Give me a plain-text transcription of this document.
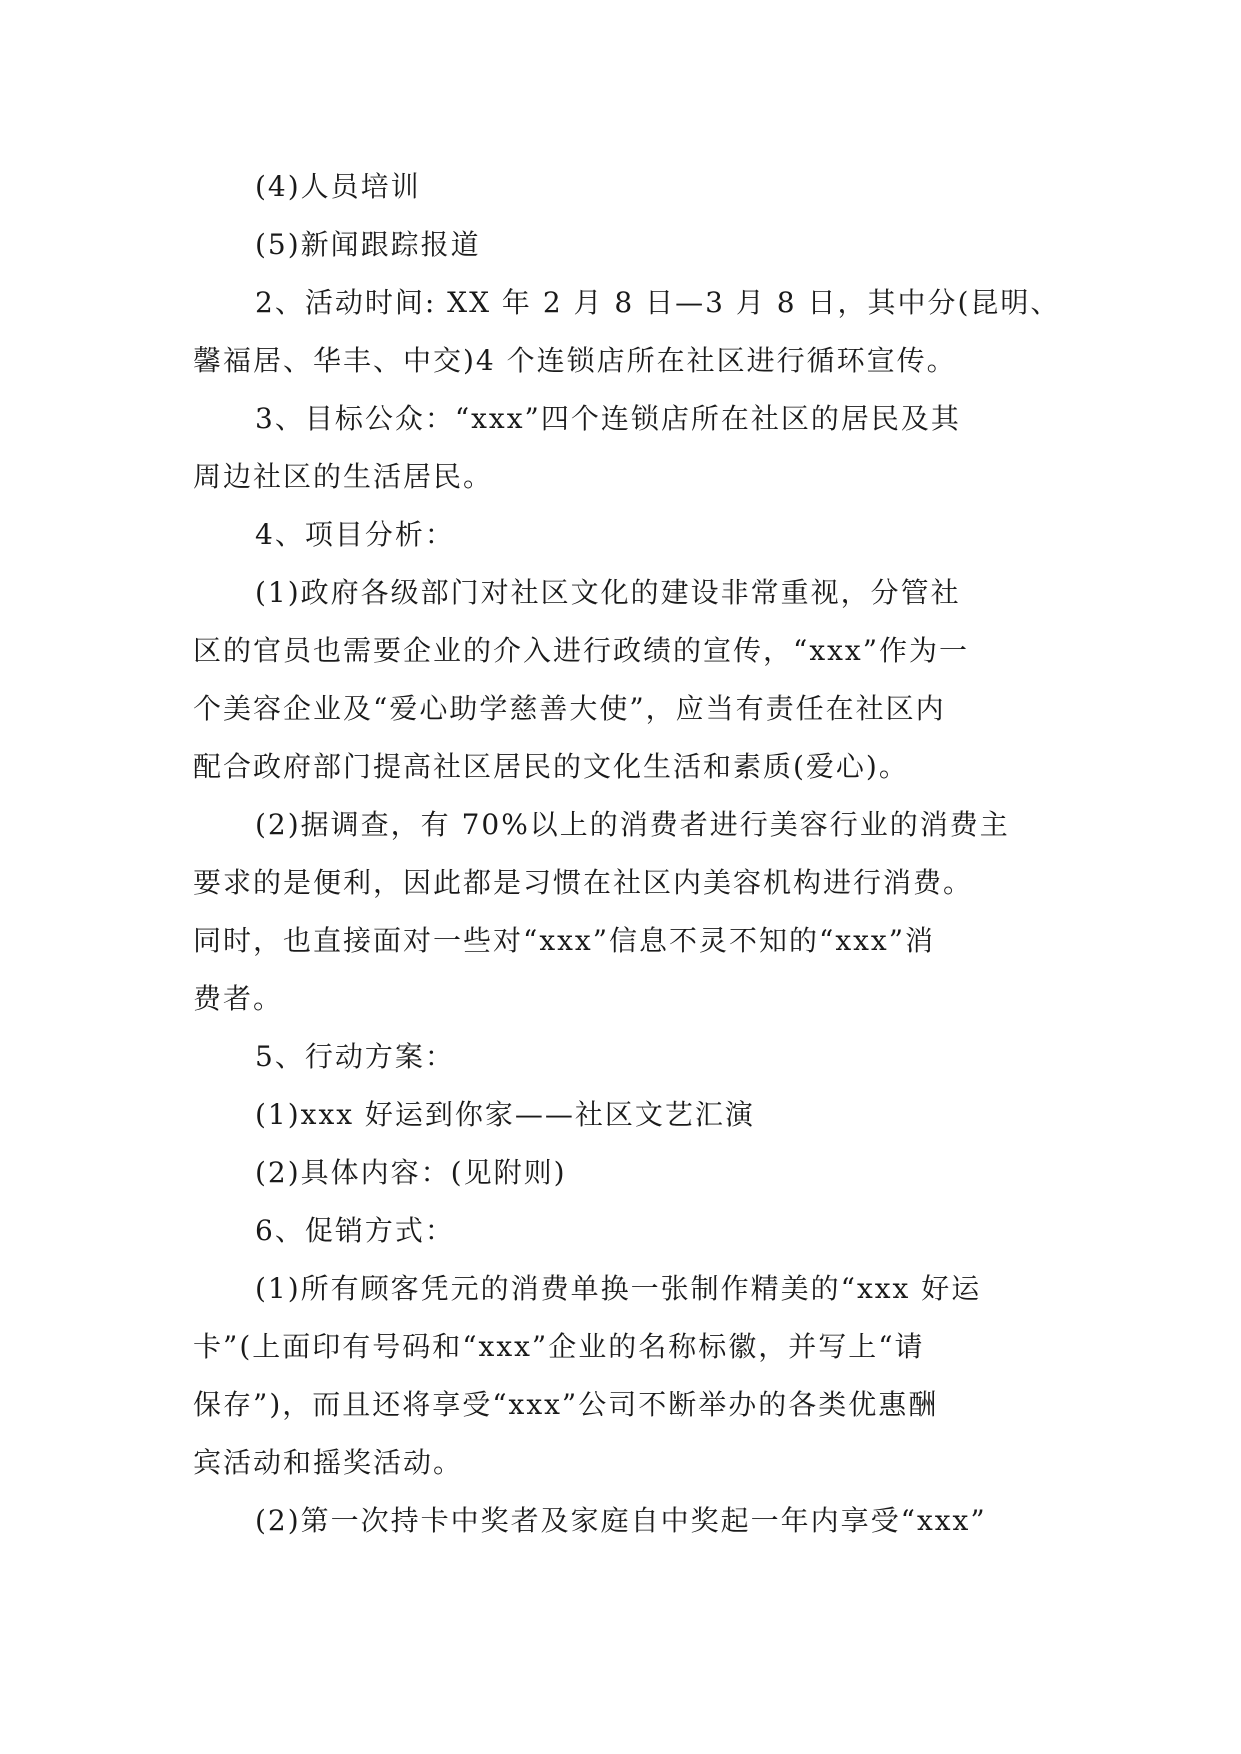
(4)人员培训
(5)新闻跟踪报道
2、活动时间: XX 年 2 月 8 日—3 月 8 日，其中分(昆明、
馨福居、华丰、中交)4 个连锁店所在社区进行循环宣传。
3、目标公众：“xxx”四个连锁店所在社区的居民及其
周边社区的生活居民。
4、项目分析：
(1)政府各级部门对社区文化的建设非常重视，分管社
区的官员也需要企业的介入进行政绩的宣传，“xxx”作为一
个美容企业及“爱心助学慈善大使”，应当有责任在社区内
配合政府部门提高社区居民的文化生活和素质(爱心)。
(2)据调查，有 70%以上的消费者进行美容行业的消费主
要求的是便利，因此都是习惯在社区内美容机构进行消费。
同时，也直接面对一些对“xxx”信息不灵不知的“xxx”消
费者。
5、行动方案：
(1)xxx 好运到你家——社区文艺汇演
(2)具体内容：(见附则)
6、促销方式：
(1)所有顾客凭元的消费单换一张制作精美的“xxx 好运
卡”(上面印有号码和“xxx”企业的名称标徽，并写上“请
保存”)，而且还将享受“xxx”公司不断举办的各类优惠酬
宾活动和摇奖活动。
(2)第一次持卡中奖者及家庭自中奖起一年内享受“xxx”
